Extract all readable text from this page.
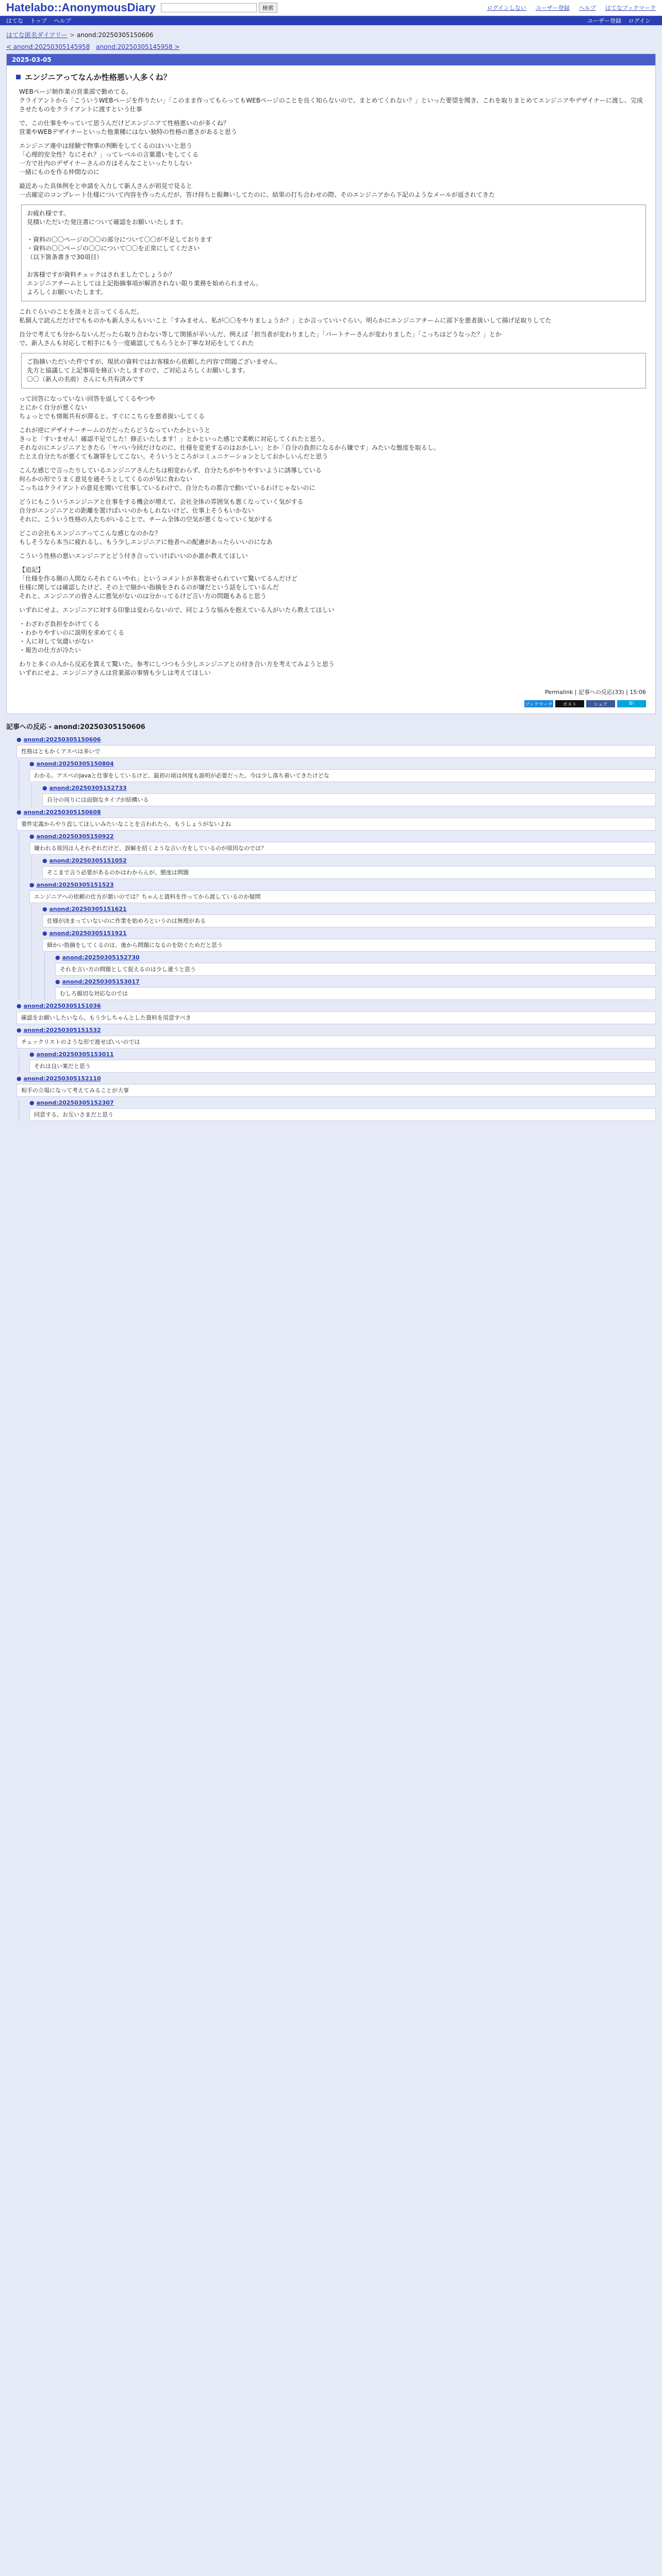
Hatelabo::AnonymousDiary	検索	ログインしない ユーザー登録 ヘルプ はてなブックマーク
はてな トップ ヘルプ	ユーザー登録 ログイン
はてな匿名ダイアリー > anond:20250305150606
< anond:20250305145958 anond:20250305145958 >
2025-03-05
エンジニアってなんか性格悪い人多くね？

WEBページ制作業の営業部で勤めてる。
クライアントから「こういうWEBページを作りたい」「このまま作ってもらってもWEBページのことを良く知らないので、まとめてくれない？」といった要望を聞き、これを取りまとめてエンジニアやデザイナーに渡し、完成させたものをクライアントに渡すという仕事

で、この仕事をやっていて思うんだけどエンジニアて性格悪いのが多くね？
営業やWEBデザイナーといった他業種にはない独特の性格の悪さがあると思う

エンジニア連中は経験で物事の判断をしてくるのはいいと思う
「心理的安全性？なにそれ？」ってレベルの言葉遣いをしてくる
一方で社内のデザイナーさんの方はそんなこといったりしない
一緒にものを作る仲間なのに

最近あった具体例をと申請を入力して新人さんが初見で見ると
一点確定のコンプレート仕様について内容を作ったんだが、答け持ちと振舞いしてたのに、結果の打ち合わせの際、そのエンジニアから下記のようなメールが返されてきた

お疲れ様です。
見積いただいた発注書について確認をお願いいたします。

・資料の〇〇ページの〇〇の部分について〇〇が不足しております
・資料の〇〇ページの〇〇について〇〇を正常にしてください
（以下箇条書きで30項目）

お客様ですが資料チェックはされましたでしょうか？
エンジニアチームとしては上記指摘事項が解消されない限り業務を始められません。
よろしくお願いいたします。

これぐらいのことを淡々と言ってくるんだ。
私個人で読んだだけでもものかも新人さんもいいこと「すみません、私が〇〇をやりましょうか？」とか言っていいぐらい。明らかにエンジニアチームに部下を悪者扱いして揚げ足取りしてた

自分で考えても分からないんだったら取り合わない等して関係が辛いんだ、例えば「担当者が変わりました」「パートナーさんが変わりました」「こっちはどうなった？」とか
で、新人さんも対応して相手にもう一度確認してもらうとか丁寧な対応をしてくれた

ご指摘いただいた件ですが、現状の資料ではお客様から依頼した内容で問題ございません。
先方と協議して上記事項を修正いたしますので、ご対応よろしくお願いします。
〇〇（新人の名前）さんにも共有済みです

って回答になっていない回答を返してくるやつや
とにかく自分が悪くない
ちょっとでも情報共有が滞ると、すぐにこちらを悪者扱いしてくる

これが逆にデザイナーチームの方だったらどうなっていたかというと
きっと「すいません！確認不足でした！修正いたします！」とかといった感じで柔軟に対応してくれたと思う。
それなのにエンジニアときたら「ヤバい今回だけなのに、仕様を変更するのはおかしい」とか「自分の負担になるから嫌です」みたいな態度を取るし、
たとえ自分たちが悪くても謝罪をしてこない。そういうところがコミュニケーションとしておかしいんだと思う

こんな感じで言ったりしているエンジニアさんたちは相変わらず、自分たちがやりやすいように誘導している
何らかの形でうまく意見を通そうとしてくるのが気に食わない
こっちはクライアントの意見を聞いて仕事しているわけで、自分たちの都合で動いているわけじゃないのに

どうにもこういうエンジニアと仕事をする機会が増えて、会社全体の雰囲気も悪くなっていく気がする
自分がエンジニアとの距離を置けばいいのかもしれないけど、仕事上そうもいかない
それに、こういう性格の人たちがいることで、チーム全体の空気が悪くなっていく気がする

どこの会社もエンジニアってこんな感じなのかな？
もしそうなら本当に疲れるし、もう少しエンジニアに他者への配慮があったらいいのになあ

こういう性格の悪いエンジニアとどう付き合っていけばいいのか誰か教えてほしい

【追記】
「仕様を作る側の人間ならそれぐらいやれ」というコメントが多数寄せられていて驚いてるんだけど
仕様に関しては確認したけど、その上で細かい指摘をされるのが嫌だという話をしているんだ
それと、エンジニアの皆さんに悪気がないのは分かってるけど言い方の問題もあると思う

いずれにせよ、エンジニアに対する印象は変わらないので、同じような悩みを抱えている人がいたら教えてほしい

・わざわざ負担をかけてくる
・わかりやすいのに説明を求めてくる
・人に対して気遣いがない
・報告の仕方が冷たい

わりと多くの人から反応を貰えて驚いた。参考にしつつもう少しエンジニアとの付き合い方を考えてみようと思う
いずれにせよ、エンジニアさんは営業部の事情も少しは考えてほしい

Permalink | 記事への反応(33) | 15:06
ブックマーク	ポスト	シェア	B!
記事への反応 - anond:20250305150606
● anond:20250305150606
性格はともかくアスペは多いで
● anond:20250305150804
わかる。アスペのJavaと仕事をしているけど、最初の頃は何度も説明が必要だった。今は少し落ち着いてきたけどな
● anond:20250305152733
自分の周りには面倒なタイプが結構いる
● anond:20250305150608
要件定義からやり直してほしいみたいなことを言われたら、もうしょうがないよね
● anond:20250305150922
嫌われる原因は人それぞれだけど、誤解を招くような言い方をしているのが原因なのでは？
● anond:20250305151052
そこまで言う必要があるのかはわからんが、態度は問題
● anond:20250305151523
エンジニアへの依頼の仕方が悪いのでは？ちゃんと資料を作ってから渡しているのか疑問
● anond:20250305151621
仕様が決まっていないのに作業を始めろというのは無理がある
● anond:20250305151921
細かい指摘をしてくるのは、後から問題になるのを防ぐためだと思う
● anond:20250305152730
それを言い方の問題として捉えるのは少し違うと思う
● anond:20250305153017
むしろ親切な対応なのでは
● anond:20250305151036
確認をお願いしたいなら、もう少しちゃんとした資料を用意すべき
● anond:20250305151532
チェックリストのような形で渡せばいいのでは
● anond:20250305153011
それは良い案だと思う
● anond:20250305152110
相手の立場になって考えてみることが大事
● anond:20250305152307
同意する。お互いさまだと思う
